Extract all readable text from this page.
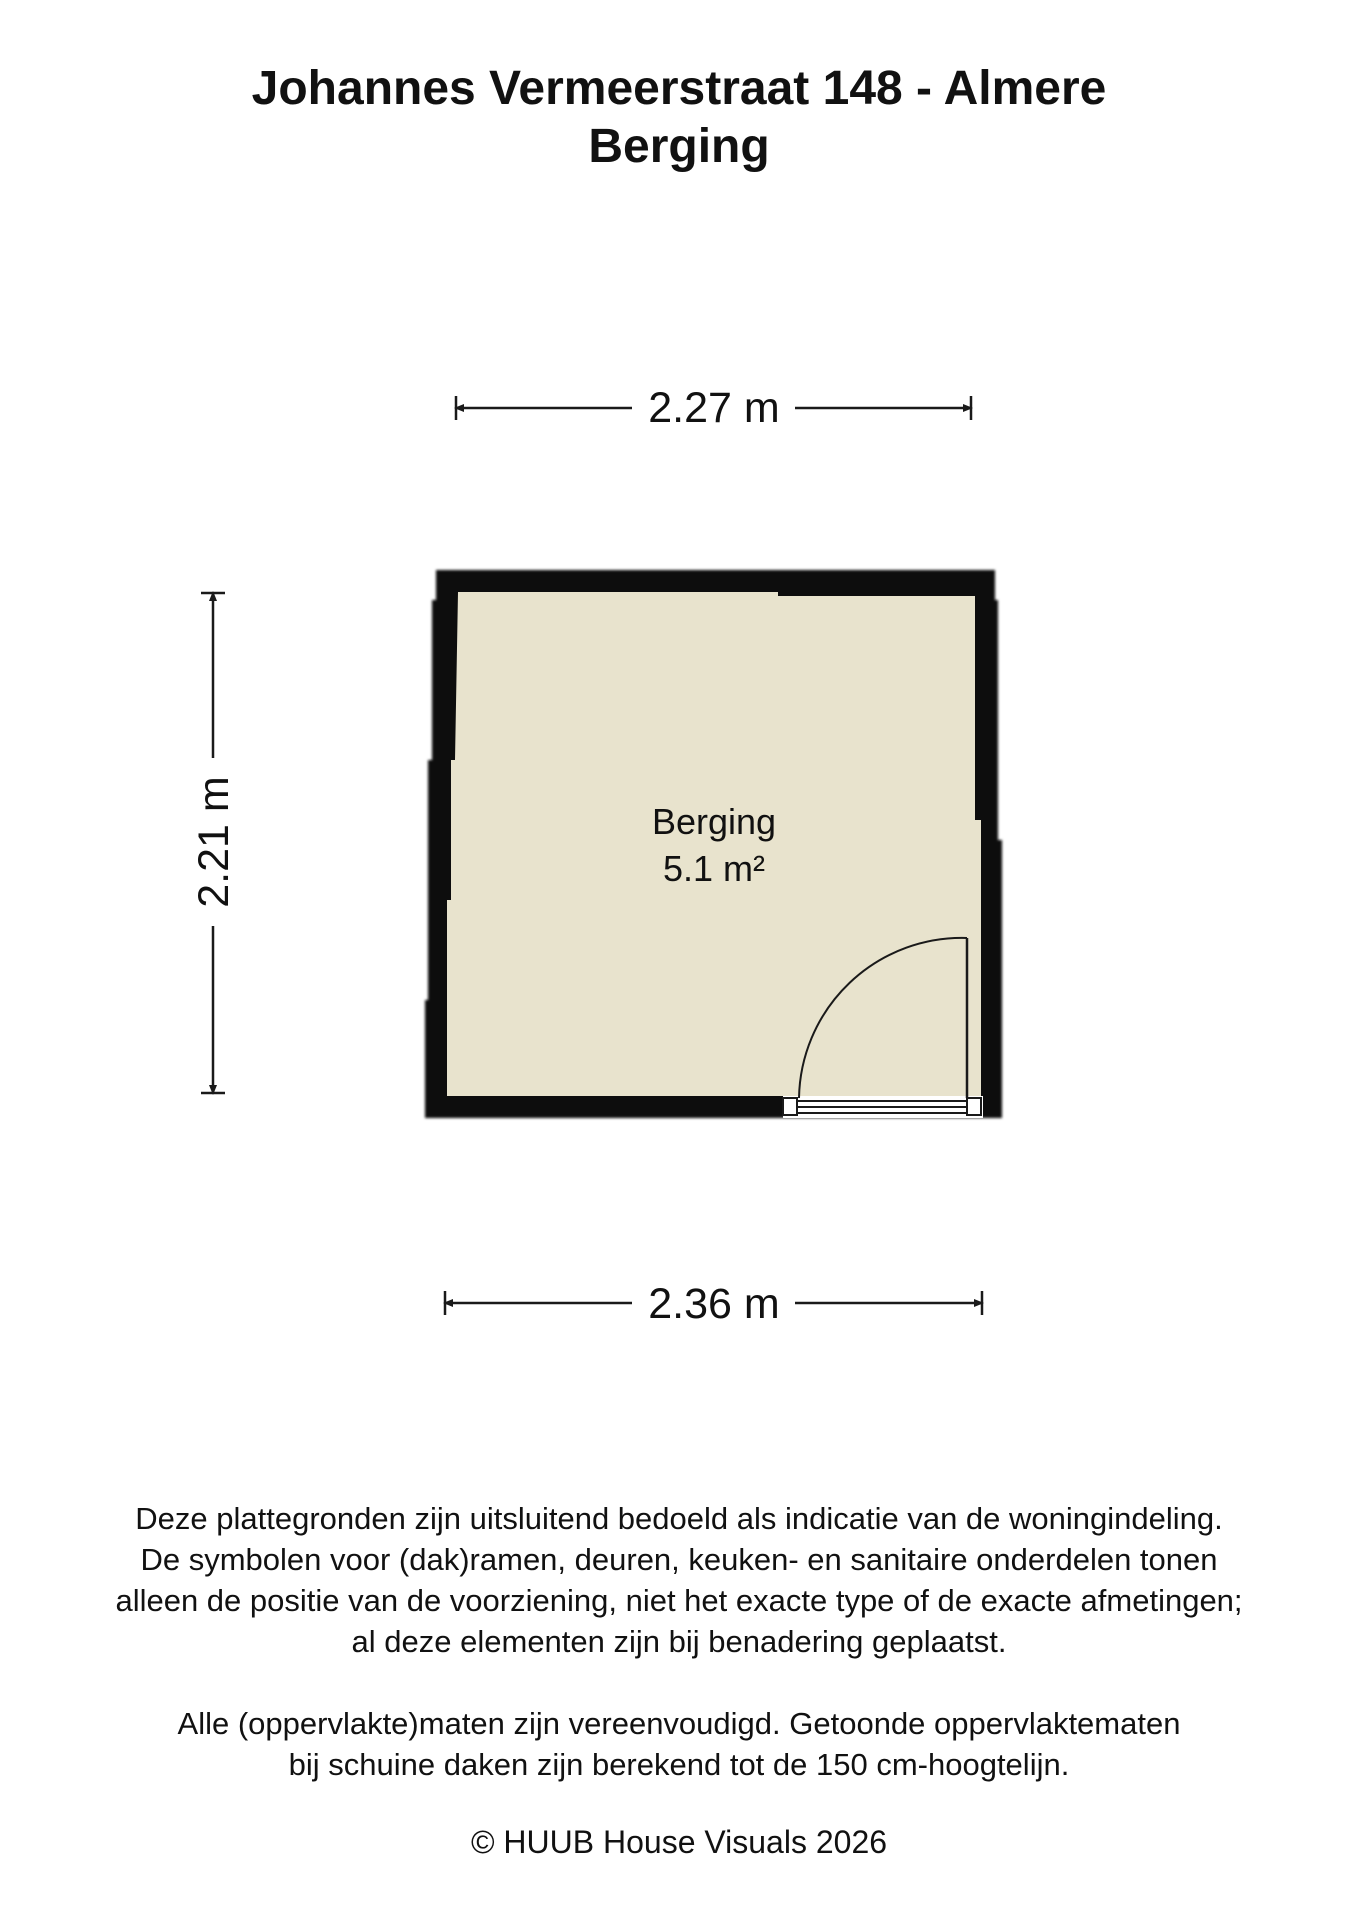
Johannes Vermeerstraat 148 - Almere
Berging
2.27 m
2.21 m
2.36 m
Berging
5.1 m²

Deze plattegronden zijn uitsluitend bedoeld als indicatie van de woningindeling.

De symbolen voor (dak)ramen, deuren, keuken- en sanitaire onderdelen tonen

alleen de positie van de voorziening, niet het exacte type of de exacte afmetingen;

al deze elementen zijn bij benadering geplaatst.

Alle (oppervlakte)maten zijn vereenvoudigd. Getoonde oppervlaktematen

bij schuine daken zijn berekend tot de 150 cm-hoogtelijn.

© HUUB House Visuals 2026
